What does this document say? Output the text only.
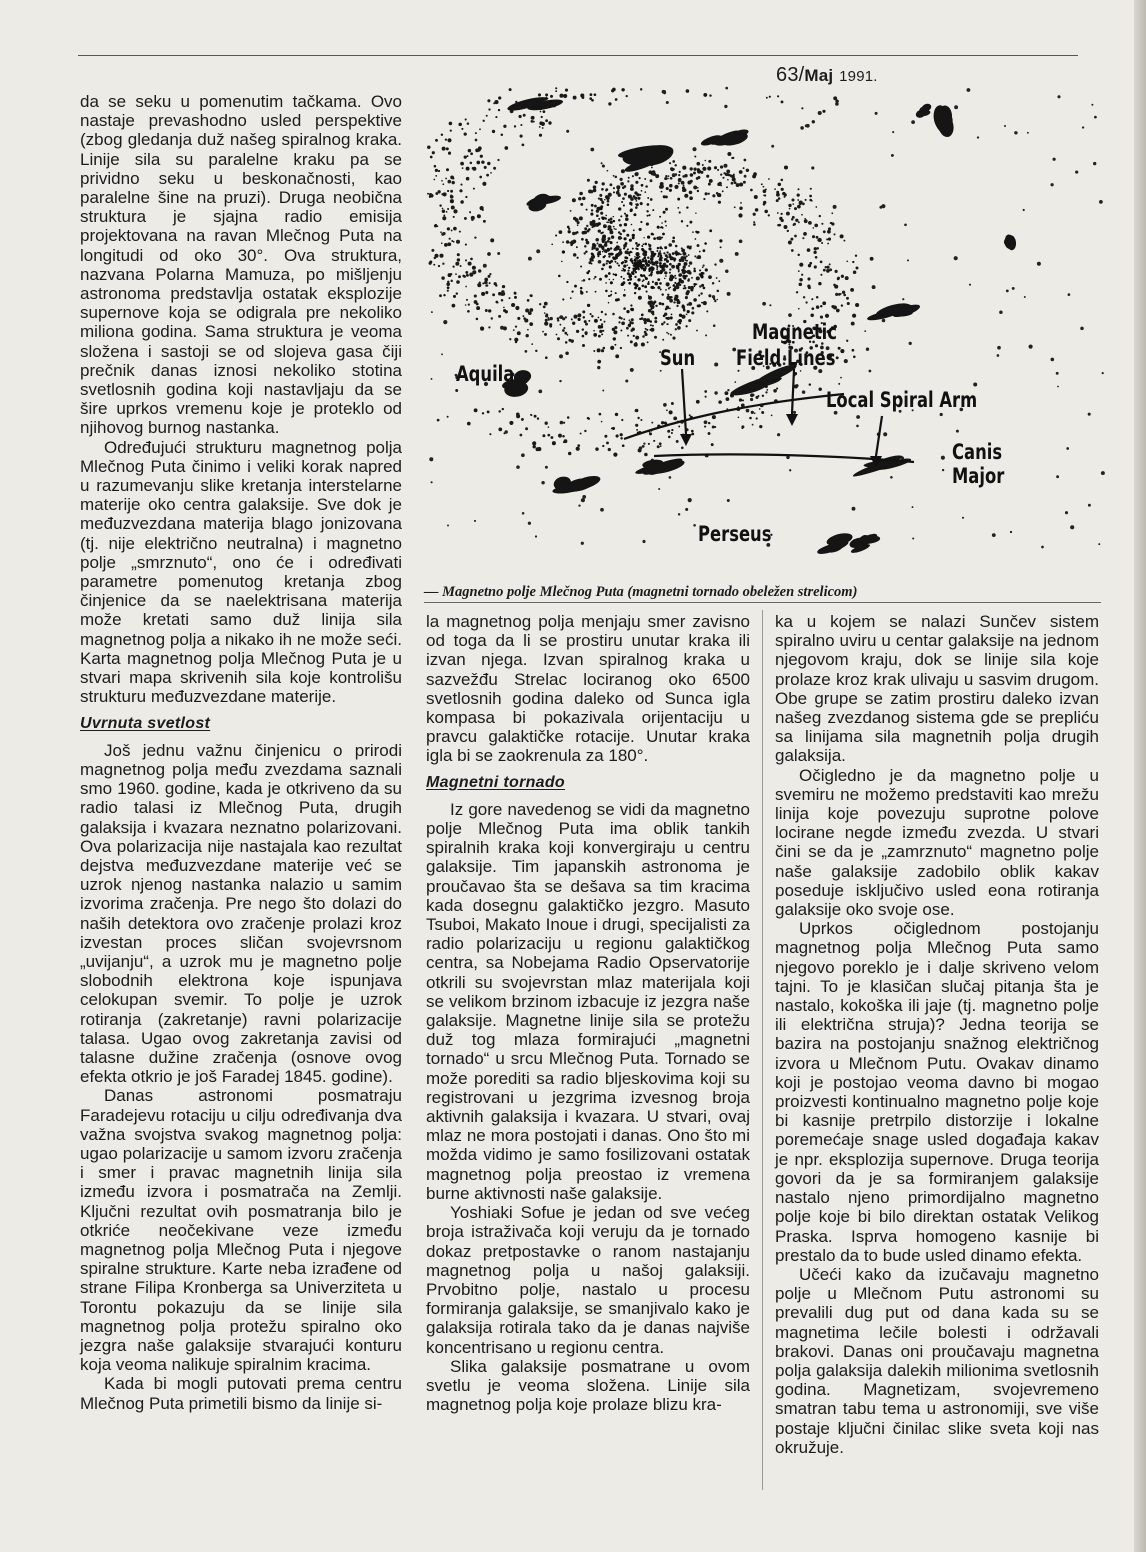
63/Maj 1991.

da se seku u pomenutim tačkama. Ovo nastaje prevashodno usled perspektive (zbog gledanja duž našeg spiralnog kraka. Linije sila su paralelne kraku pa se prividno seku u beskonačnosti, kao paralelne šine na pruzi). Druga neobična struktura je sjajna radio emisija projektovana na ravan Mlečnog Puta na longitudi od oko 30°. Ova struktura, nazvana Polarna Mamuza, po mišljenju astronoma predstavlja ostatak eksplozije supernove koja se odigrala pre nekoliko miliona godina. Sama struktura je veoma složena i sastoji se od slojeva gasa čiji prečnik danas iznosi nekoliko stotina svetlosnih godina koji nastavljaju da se šire uprkos vremenu koje je proteklo od njihovog burnog nastanka.

Određujući strukturu magnetnog polja Mlečnog Puta činimo i veliki korak napred u razumevanju slike kretanja interstelarne materije oko centra galaksije. Sve dok je međuzvezdana materija blago jonizovana (tj. nije električno neutralna) i magnetno polje „smrznuto“, ono će i određivati parametre pomenutog kretanja zbog činjenice da se naelektrisana materija može kretati samo duž linija sila magnetnog polja a nikako ih ne može seći. Karta magnetnog polja Mlečnog Puta je u stvari mapa skrivenih sila koje kontrolišu strukturu međuzvezdane materije.

Uvrnuta svetlost

Još jednu važnu činjenicu o prirodi magnetnog polja među zvezdama saznali smo 1960. godine, kada je otkriveno da su radio talasi iz Mlečnog Puta, drugih galaksija i kvazara neznatno polarizovani. Ova polarizacija nije nastajala kao rezultat dejstva međuzvezdane materije već se uzrok njenog nastanka nalazio u samim izvorima zračenja. Pre nego što dolazi do naših detektora ovo zračenje prolazi kroz izvestan proces sličan svojevrsnom „uvijanju“, a uzrok mu je magnetno polje slobodnih elektrona koje ispunjava celokupan svemir. To polje je uzrok rotiranja (zakretanje) ravni polarizacije talasa. Ugao ovog zakretanja zavisi od talasne dužine zračenja (osnove ovog efekta otkrio je još Faradej 1845. godine).

Danas astronomi posmatraju Faradejevu rotaciju u cilju određivanja dva važna svojstva svakog magnetnog polja: ugao polarizacije u samom izvoru zračenja i smer i pravac magnetnih linija sila između izvora i posmatrača na Zemlji. Ključni rezultat ovih posmatranja bilo je otkriće neočekivane veze između magnetnog polja Mlečnog Puta i njegove spiralne strukture. Karte neba izrađene od strane Filipa Kronberga sa Univerziteta u Torontu pokazuju da se linije sila magnetnog polja protežu spiralno oko jezgra naše galaksije stvarajući konturu koja veoma nalikuje spiralnim kracima.

Kada bi mogli putovati prema centru Mlečnog Puta primetili bismo da linije si-

Aquila
Sun
Magnetic
Field Lines
Local Spiral Arm
Canis
Major
Perseus
— Magnetno polje Mlečnog Puta (magnetni tornado obeležen strelicom)

la magnetnog polja menjaju smer zavisno od toga da li se prostiru unutar kraka ili izvan njega. Izvan spiralnog kraka u sazvežđu Strelac lociranog oko 6500 svetlosnih godina daleko od Sunca igla kompasa bi pokazivala orijentaciju u pravcu galaktičke rotacije. Unutar kraka igla bi se zaokrenula za 180°.

Magnetni tornado

Iz gore navedenog se vidi da magnetno polje Mlečnog Puta ima oblik tankih spiralnih kraka koji konvergiraju u centru galaksije. Tim japanskih astronoma je proučavao šta se dešava sa tim kracima kada dosegnu galaktičko jezgro. Masuto Tsuboi, Makato Inoue i drugi, specijalisti za radio polarizaciju u regionu galaktičkog centra, sa Nobejama Radio Opservatorije otkrili su svojevrstan mlaz materijala koji se velikom brzinom izbacuje iz jezgra naše galaksije. Magnetne linije sila se protežu duž tog mlaza formirajući „magnetni tornado“ u srcu Mlečnog Puta. Tornado se može porediti sa radio bljeskovima koji su registrovani u jezgrima izvesnog broja aktivnih galaksija i kvazara. U stvari, ovaj mlaz ne mora postojati i danas. Ono što mi možda vidimo je samo fosilizovani ostatak magnetnog polja preostao iz vremena burne aktivnosti naše galaksije.

Yoshiaki Sofue je jedan od sve većeg broja istraživača koji veruju da je tornado dokaz pretpostavke o ranom nastajanju magnetnog polja u našoj galaksiji. Prvobitno polje, nastalo u procesu formiranja galaksije, se smanjivalo kako je galaksija rotirala tako da je danas najviše koncentrisano u regionu centra.

Slika galaksije posmatrane u ovom svetlu je veoma složena. Linije sila magnetnog polja koje prolaze blizu kra-

ka u kojem se nalazi Sunčev sistem spiralno uviru u centar galaksije na jednom njegovom kraju, dok se linije sila koje prolaze kroz krak ulivaju u sasvim drugom. Obe grupe se zatim prostiru daleko izvan našeg zvezdanog sistema gde se prepliću sa linijama sila magnetnih polja drugih galaksija.

Očigledno je da magnetno polje u svemiru ne možemo predstaviti kao mrežu linija koje povezuju suprotne polove locirane negde između zvezda. U stvari čini se da je „zamrznuto“ magnetno polje naše galaksije zadobilo oblik kakav poseduje isključivo usled eona rotiranja galaksije oko svoje ose.

Uprkos očiglednom postojanju magnetnog polja Mlečnog Puta samo njegovo poreklo je i dalje skriveno velom tajni. To je klasičan slučaj pitanja šta je nastalo, kokoška ili jaje (tj. magnetno polje ili električna struja)? Jedna teorija se bazira na postojanju snažnog električnog izvora u Mlečnom Putu. Ovakav dinamo koji je postojao veoma davno bi mogao proizvesti kontinualno magnetno polje koje bi kasnije pretrpilo distorzije i lokalne poremećaje snage usled događaja kakav je npr. eksplozija supernove. Druga teorija govori da je sa formiranjem galaksije nastalo njeno primordijalno magnetno polje koje bi bilo direktan ostatak Velikog Praska. Isprva homogeno kasnije bi prestalo da to bude usled dinamo efekta.

Učeći kako da izučavaju magnetno polje u Mlečnom Putu astronomi su prevalili dug put od dana kada su se magnetima lečile bolesti i održavali brakovi. Danas oni proučavaju magnetna polja galaksija dalekih milionima svetlosnih godina. Magnetizam, svojevremeno smatran tabu tema u astronomiji, sve više postaje ključni činilac slike sveta koji nas okružuje.
